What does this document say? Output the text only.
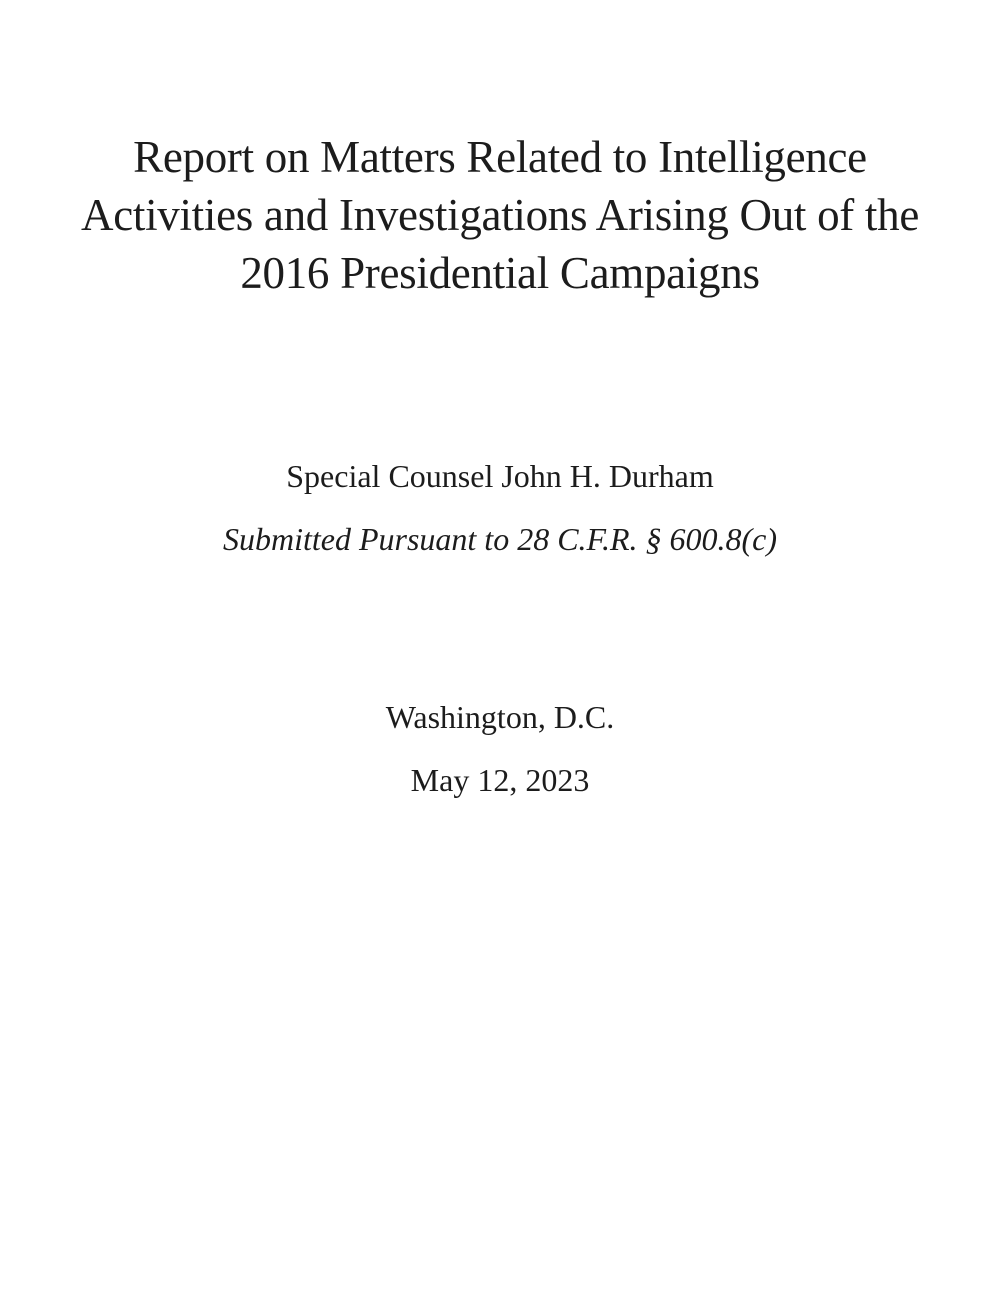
Report on Matters Related to Intelligence
Activities and Investigations Arising Out of the
2016 Presidential Campaigns
Special Counsel John H. Durham
Submitted Pursuant to 28 C.F.R. § 600.8(c)
Washington, D.C.
May 12, 2023
